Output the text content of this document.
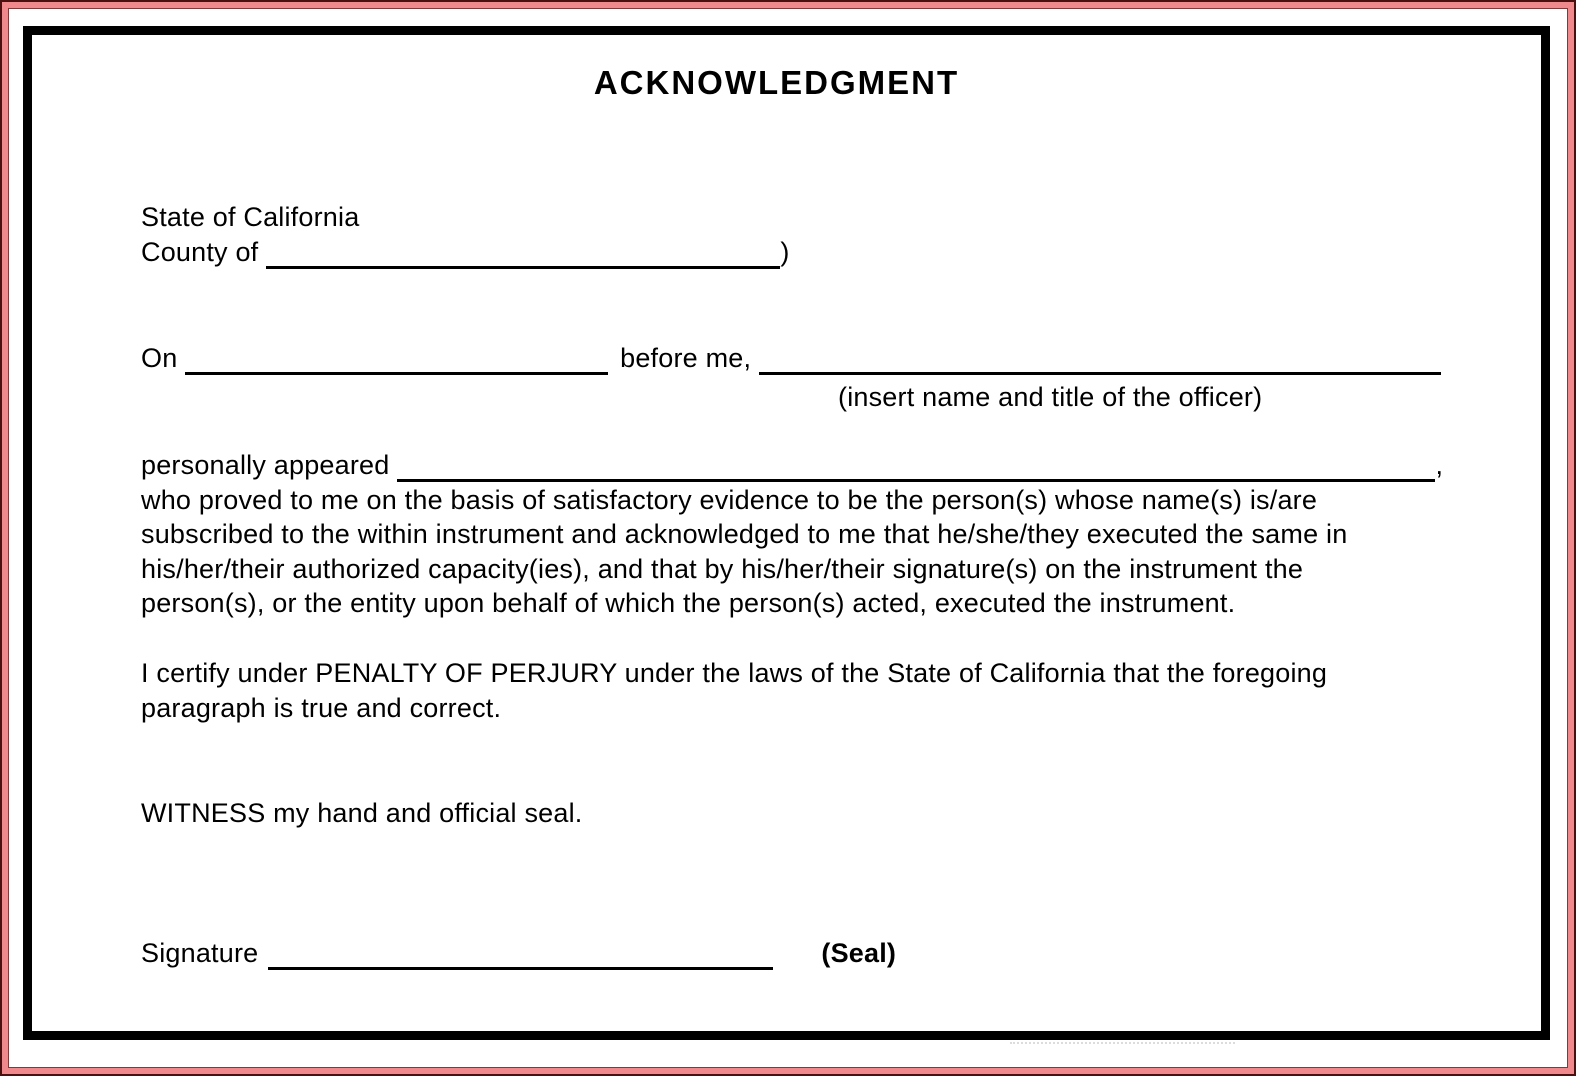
ACKNOWLEDGMENT
State of California
County of	)
On	before me,
(insert name and title of the officer)
personally appeared	,
who proved to me on the basis of satisfactory evidence to be the person(s) whose name(s) is/are
subscribed to the within instrument and acknowledged to me that he/she/they executed the same in
his/her/their authorized capacity(ies), and that by his/her/their signature(s) on the instrument the
person(s), or the entity upon behalf of which the person(s) acted, executed the instrument.
I certify under PENALTY OF PERJURY under the laws of the State of California that the foregoing
paragraph is true and correct.
WITNESS my hand and official seal.
Signature	(Seal)
